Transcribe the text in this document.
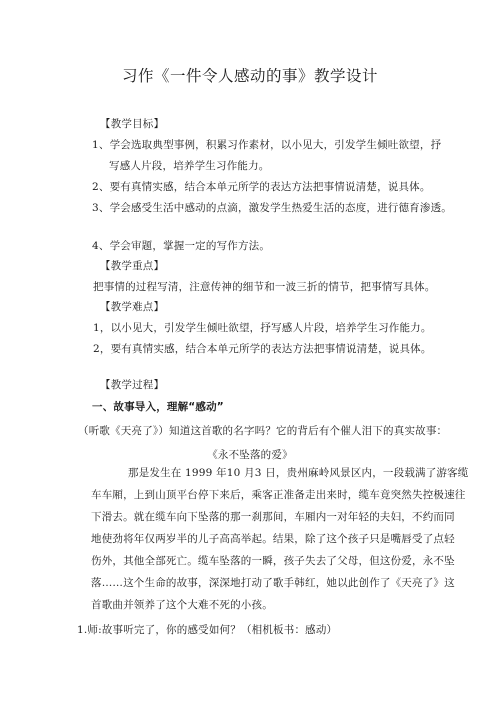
习作《一件令人感动的事》教学设计
【教学目标】
1、学会选取典型事例，积累习作素材，以小见大，引发学生倾吐欲望，抒
写感人片段，培养学生习作能力。
2、要有真情实感，结合本单元所学的表达方法把事情说清楚，说具体。
3、学会感受生活中感动的点滴，激发学生热爱生活的态度，进行德育渗透。
4、学会审题，掌握一定的写作方法。
【教学重点】
把事情的过程写清，注意传神的细节和一波三折的情节，把事情写具体。
【教学难点】
1，以小见大，引发学生倾吐欲望，抒写感人片段，培养学生习作能力。
2，要有真情实感，结合本单元所学的表达方法把事情说清楚，说具体。
【教学过程】
一、故事导入，理解“感动”
（听歌《天亮了》）知道这首歌的名字吗？它的背后有个催人泪下的真实故事：
《永不坠落的爱》
那是发生在 1999 年10 月3 日，贵州麻岭风景区内，一段载满了游客缆
车车厢，上到山顶平台停下来后，乘客正准备走出来时，缆车竟突然失控极速往
下滑去。就在缆车向下坠落的那一刹那间，车厢内一对年轻的夫妇，不约而同
地使劲将年仅两岁半的儿子高高举起。结果，除了这个孩子只是嘴唇受了点轻
伤外，其他全部死亡。缆车坠落的一瞬，孩子失去了父母，但这份爱，永不坠
落……这个生命的故事，深深地打动了歌手韩红，她以此创作了《天亮了》这
首歌曲并领养了这个大难不死的小孩。
1.师:故事听完了，你的感受如何？（相机板书：感动）
